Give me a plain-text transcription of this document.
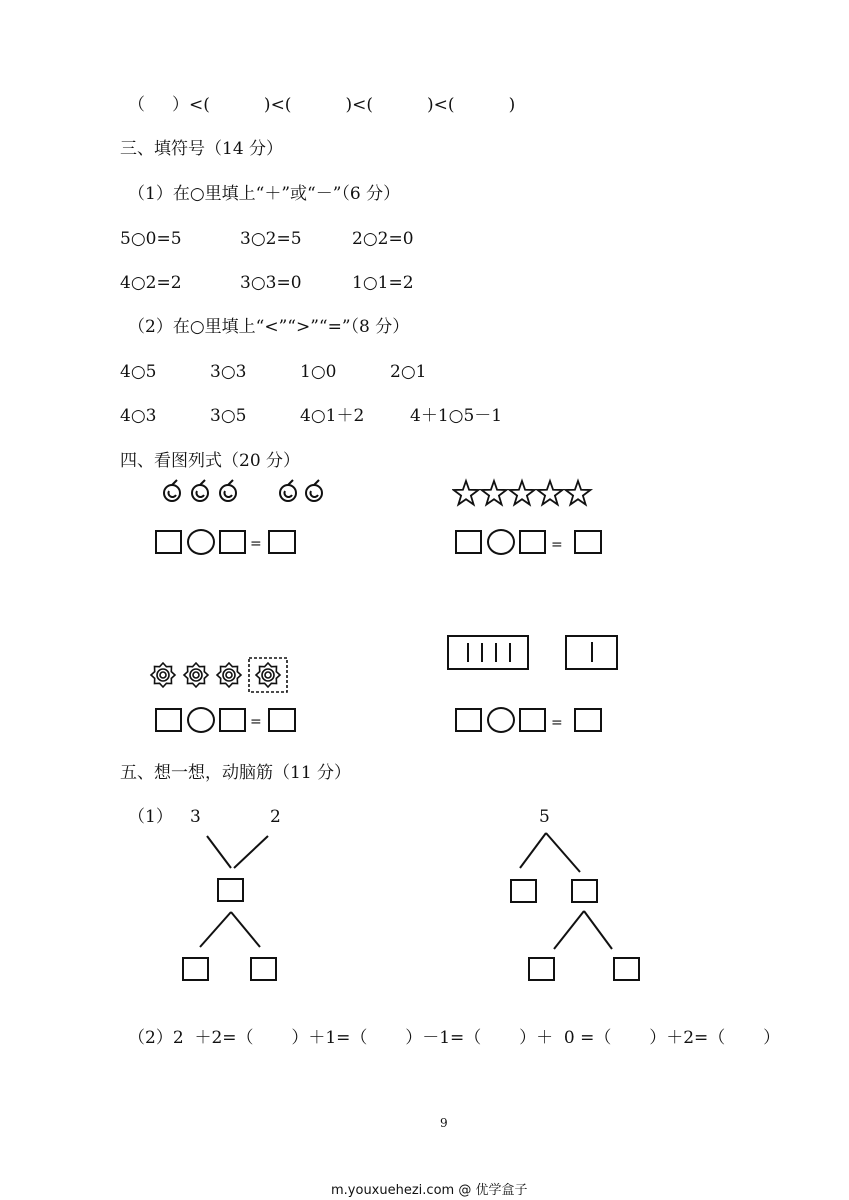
（     ）<(          )<(          )<(          )<(          )
三、填符号（14 分）
（1）在○里填上“＋”或“－”（6 分）
5○0=5	3○2=5	2○2=0
4○2=2	3○3=0	1○1=2
（2）在○里填上“<”“>”“=”（8 分）
4○5	3○3	1○0	2○1
4○3	3○5	4○1＋2	4＋1○5－1
四、看图列式（20 分）
=	=
=	=
五、想一想，动脑筋（11 分）
（1） 3	2	5
（2）2  ＋2=（       ）＋1=（       ）－1=（       ）＋  0 =（       ）＋2=（       ）
9
m.youxuehezi.com @ 优学盒子
